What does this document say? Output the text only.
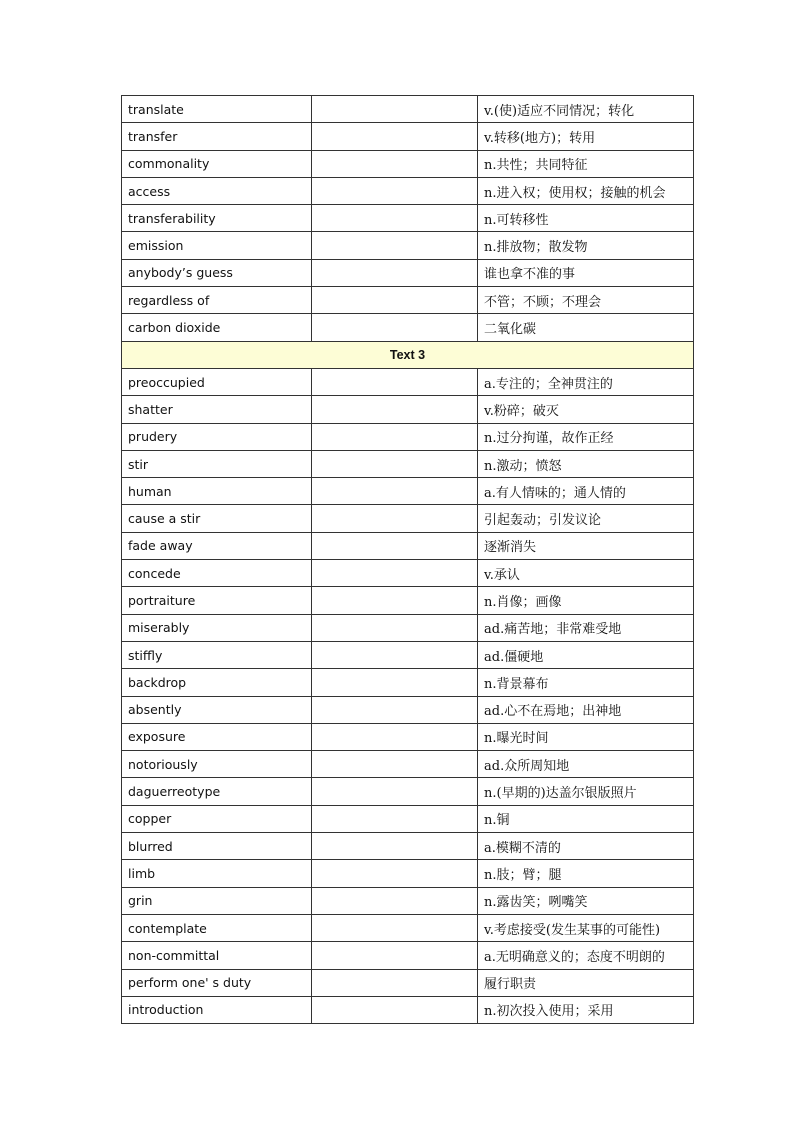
translate		v.(使)适应不同情况；转化
transfer		v.转移(地方)；转用
commonality		n.共性；共同特征
access		n.进入权；使用权；接触的机会
transferability		n.可转移性
emission		n.排放物；散发物
anybody’s guess		谁也拿不准的事
regardless of		不管；不顾；不理会
carbon dioxide		二氧化碳
Text 3		
preoccupied		a.专注的；全神贯注的
shatter		v.粉碎；破灭
prudery		n.过分拘谨，故作正经
stir		n.激动；愤怒
human		a.有人情味的；通人情的
cause a stir		引起轰动；引发议论
fade away		逐渐消失
concede		v.承认
portraiture		n.肖像；画像
miserably		ad.痛苦地；非常难受地
stiffly		ad.僵硬地
backdrop		n.背景幕布
absently		ad.心不在焉地；出神地
exposure		n.曝光时间
notoriously		ad.众所周知地
daguerreotype		n.(早期的)达盖尔银版照片
copper		n.铜
blurred		a.模糊不清的
limb		n.肢；臂；腿
grin		n.露齿笑；咧嘴笑
contemplate		v.考虑接受(发生某事的可能性)
non-committal		a.无明确意义的；态度不明朗的
perform one' s duty		履行职责
introduction		n.初次投入使用；采用
